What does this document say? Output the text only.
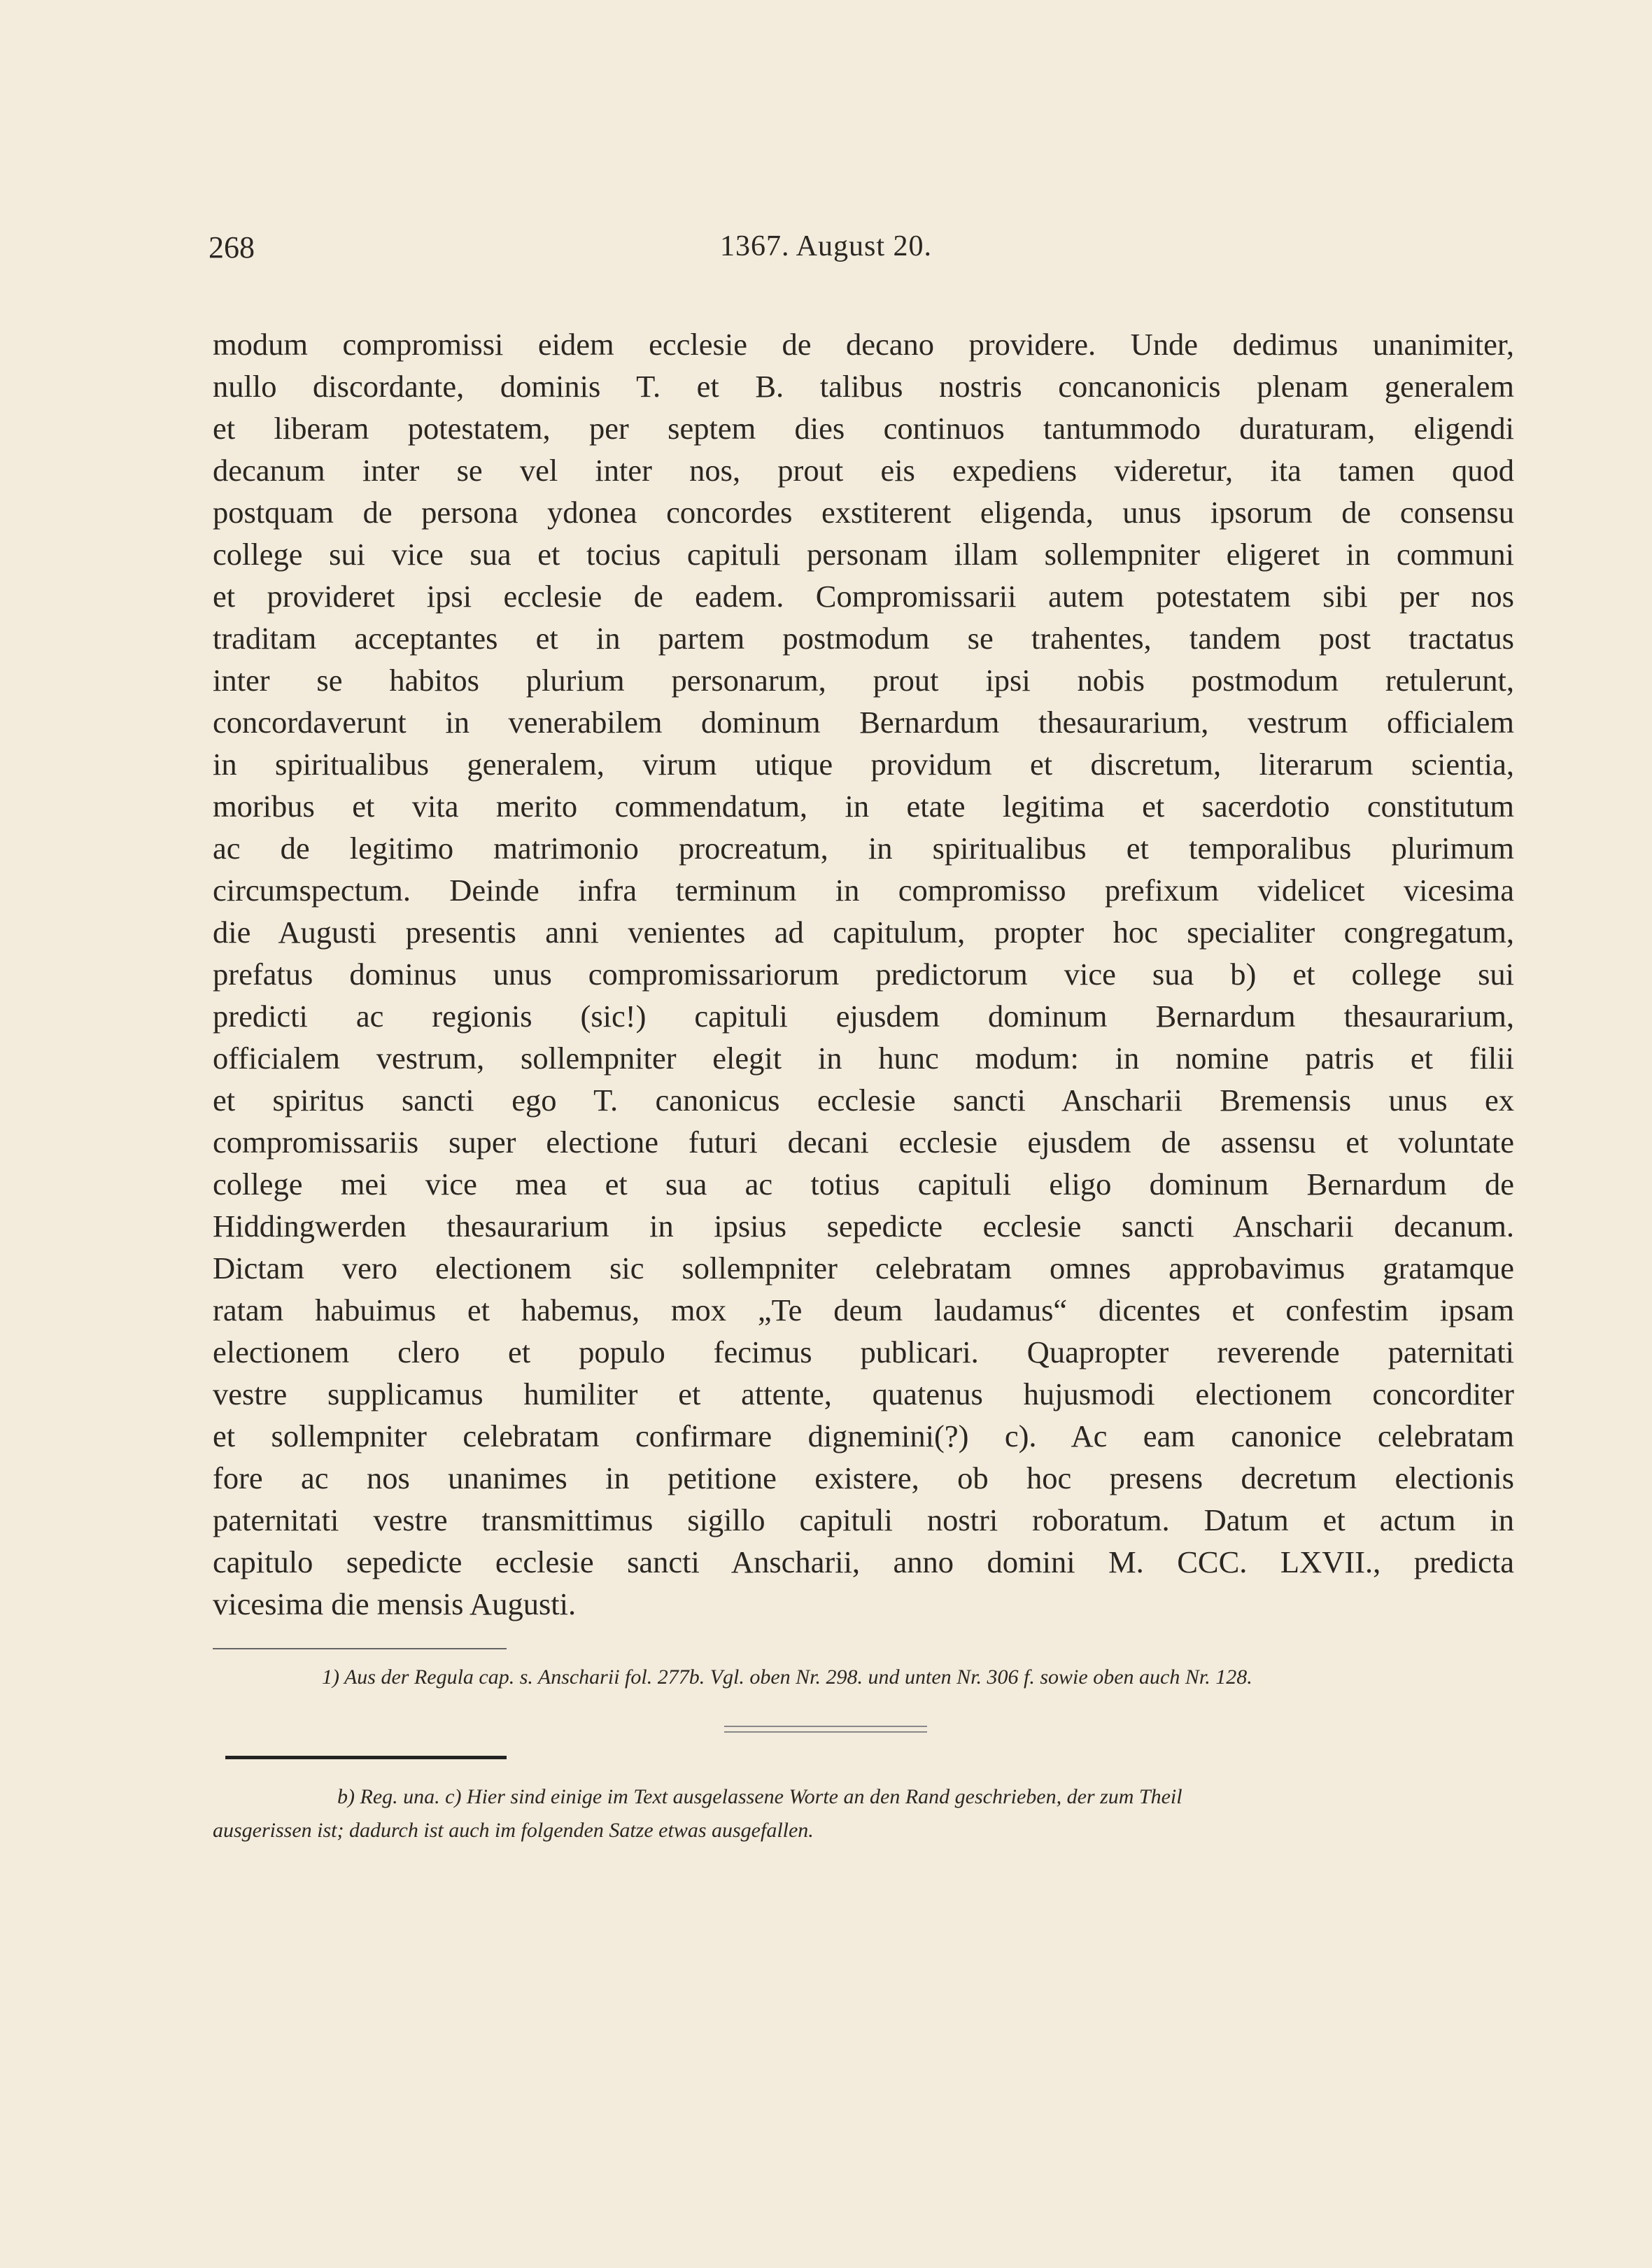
268	1367. August 20.
modum compromissi eidem ecclesie de decano providere. Unde dedimus unanimiter,
nullo discordante, dominis T. et B. talibus nostris concanonicis plenam generalem
et liberam potestatem, per septem dies continuos tantummodo duraturam, eligendi
decanum inter se vel inter nos, prout eis expediens videretur, ita tamen quod
postquam de persona ydonea concordes exstiterent eligenda, unus ipsorum de consensu
college sui vice sua et tocius capituli personam illam sollempniter eligeret in communi
et provideret ipsi ecclesie de eadem. Compromissarii autem potestatem sibi per nos
traditam acceptantes et in partem postmodum se trahentes, tandem post tractatus
inter se habitos plurium personarum, prout ipsi nobis postmodum retulerunt,
concordaverunt in venerabilem dominum Bernardum thesaurarium, vestrum officialem
in spiritualibus generalem, virum utique providum et discretum, literarum scientia,
moribus et vita merito commendatum, in etate legitima et sacerdotio constitutum
ac de legitimo matrimonio procreatum, in spiritualibus et temporalibus plurimum
circumspectum. Deinde infra terminum in compromisso prefixum videlicet vicesima
die Augusti presentis anni venientes ad capitulum, propter hoc specialiter congregatum,
prefatus dominus unus compromissariorum predictorum vice sua b) et college sui
predicti ac regionis (sic!) capituli ejusdem dominum Bernardum thesaurarium,
officialem vestrum, sollempniter elegit in hunc modum: in nomine patris et filii
et spiritus sancti ego T. canonicus ecclesie sancti Anscharii Bremensis unus ex
compromissariis super electione futuri decani ecclesie ejusdem de assensu et voluntate
college mei vice mea et sua ac totius capituli eligo dominum Bernardum de
Hiddingwerden thesaurarium in ipsius sepedicte ecclesie sancti Anscharii decanum.
Dictam vero electionem sic sollempniter celebratam omnes approbavimus gratamque
ratam habuimus et habemus, mox „Te deum laudamus“ dicentes et confestim ipsam
electionem clero et populo fecimus publicari. Quapropter reverende paternitati
vestre supplicamus humiliter et attente, quatenus hujusmodi electionem concorditer
et sollempniter celebratam confirmare dignemini(?) c). Ac eam canonice celebratam
fore ac nos unanimes in petitione existere, ob hoc presens decretum electionis
paternitati vestre transmittimus sigillo capituli nostri roboratum. Datum et actum in
capitulo sepedicte ecclesie sancti Anscharii, anno domini M. CCC. LXVII., predicta
vicesima die mensis Augusti.
1) Aus der Regula cap. s. Anscharii fol. 277b. Vgl. oben Nr. 298. und unten Nr. 306 f. sowie oben auch Nr. 128.
b) Reg. una. c) Hier sind einige im Text ausgelassene Worte an den Rand geschrieben, der zum Theil
ausgerissen ist; dadurch ist auch im folgenden Satze etwas ausgefallen.
